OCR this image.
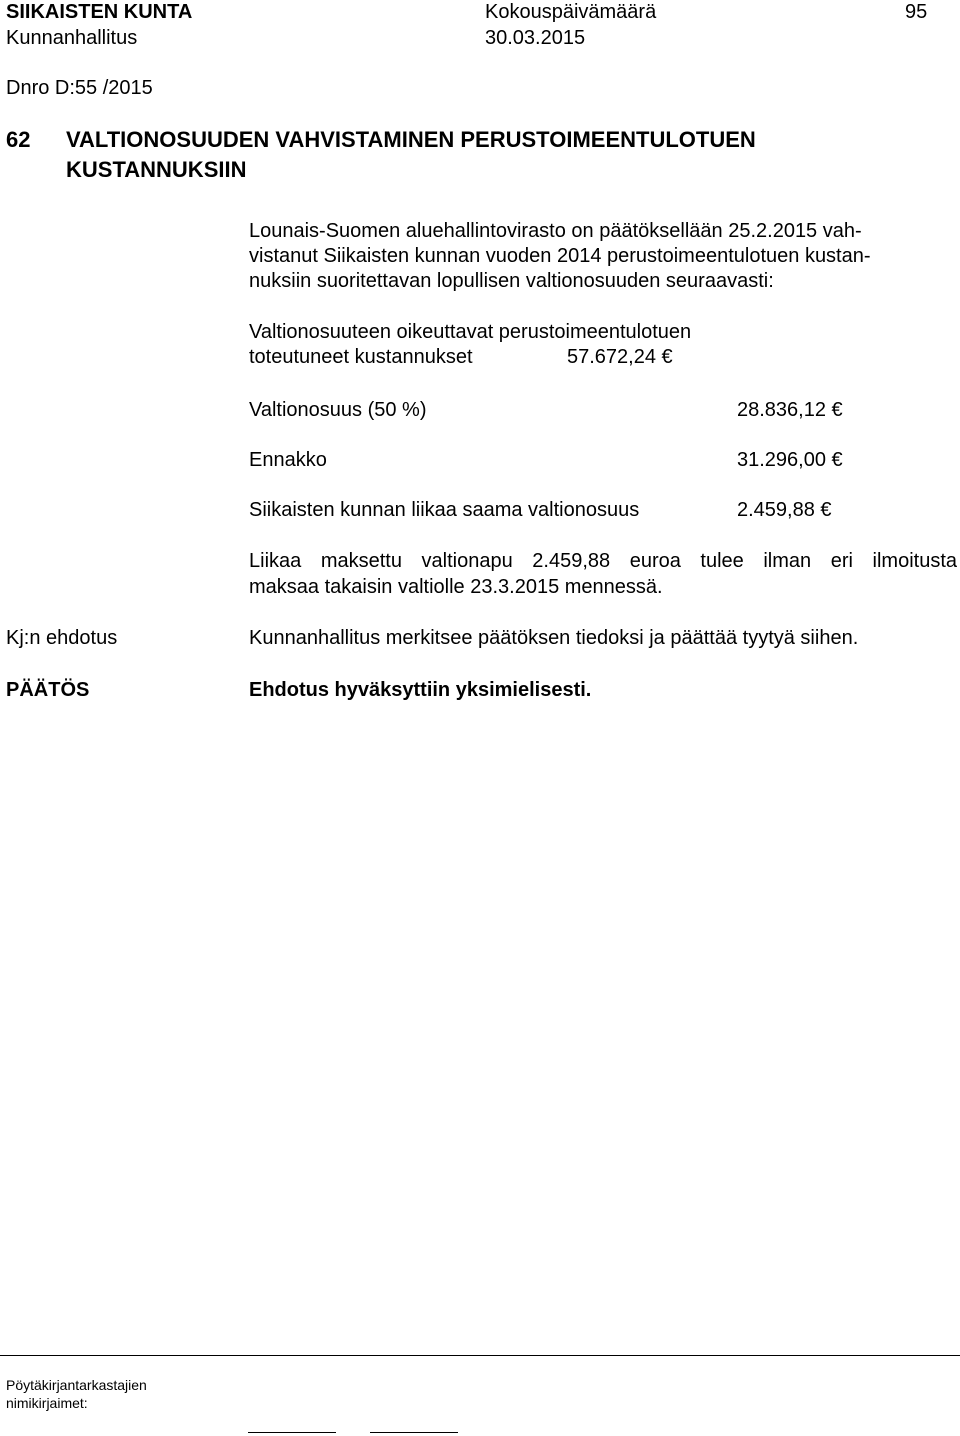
SIIKAISTEN KUNTA	Kokouspäivämäärä	95
Kunnanhallitus	30.03.2015
Dnro D:55 /2015
62 VALTIONOSUUDEN VAHVISTAMINEN PERUSTOIMEENTULOTUEN
KUSTANNUKSIIN
Lounais-Suomen aluehallintovirasto on päätöksellään 25.2.2015 vah-
vistanut Siikaisten kunnan vuoden 2014 perustoimeentulotuen kustan-
nuksiin suoritettavan lopullisen valtionosuuden seuraavasti:
Valtionosuuteen oikeuttavat perustoimeentulotuen
toteutuneet kustannukset	57.672,24 €
Valtionosuus (50 %)	28.836,12 €
Ennakko	31.296,00 €
Siikaisten kunnan liikaa saama valtionosuus	2.459,88 €
Liikaa maksettu valtionapu 2.459,88 euroa tulee ilman eri ilmoitusta
maksaa takaisin valtiolle 23.3.2015 mennessä.
Kj:n ehdotus	Kunnanhallitus merkitsee päätöksen tiedoksi ja päättää tyytyä siihen.
PÄÄTÖS	Ehdotus hyväksyttiin yksimielisesti.
Pöytäkirjantarkastajien
nimikirjaimet:
